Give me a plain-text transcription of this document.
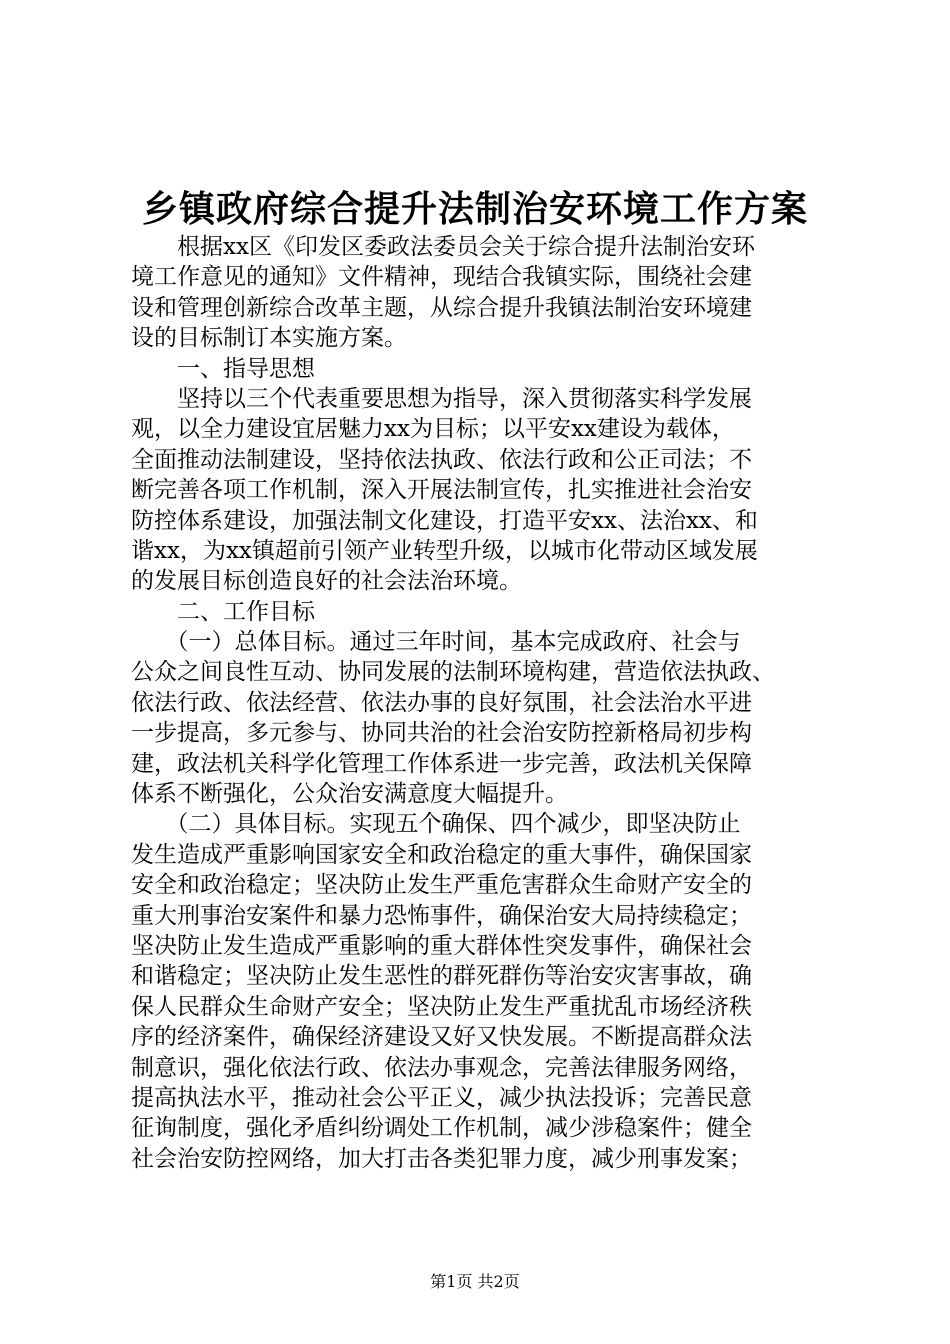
乡镇政府综合提升法制治安环境工作方案
　　根据xx区《印发区委政法委员会关于综合提升法制治安环
境工作意见的通知》文件精神，现结合我镇实际，围绕社会建
设和管理创新综合改革主题，从综合提升我镇法制治安环境建
设的目标制订本实施方案。
　　一、指导思想
　　坚持以三个代表重要思想为指导，深入贯彻落实科学发展
观，以全力建设宜居魅力xx为目标；以平安xx建设为载体，
全面推动法制建设，坚持依法执政、依法行政和公正司法；不
断完善各项工作机制，深入开展法制宣传，扎实推进社会治安
防控体系建设，加强法制文化建设，打造平安xx、法治xx、和
谐xx，为xx镇超前引领产业转型升级，以城市化带动区域发展
的发展目标创造良好的社会法治环境。
　　二、工作目标
　　（一）总体目标。通过三年时间，基本完成政府、社会与
公众之间良性互动、协同发展的法制环境构建，营造依法执政、
依法行政、依法经营、依法办事的良好氛围，社会法治水平进
一步提高，多元参与、协同共治的社会治安防控新格局初步构
建，政法机关科学化管理工作体系进一步完善，政法机关保障
体系不断强化，公众治安满意度大幅提升。
　　（二）具体目标。实现五个确保、四个减少，即坚决防止
发生造成严重影响国家安全和政治稳定的重大事件，确保国家
安全和政治稳定；坚决防止发生严重危害群众生命财产安全的
重大刑事治安案件和暴力恐怖事件，确保治安大局持续稳定；
坚决防止发生造成严重影响的重大群体性突发事件，确保社会
和谐稳定；坚决防止发生恶性的群死群伤等治安灾害事故，确
保人民群众生命财产安全；坚决防止发生严重扰乱市场经济秩
序的经济案件，确保经济建设又好又快发展。不断提高群众法
制意识，强化依法行政、依法办事观念，完善法律服务网络，
提高执法水平，推动社会公平正义，减少执法投诉；完善民意
征询制度，强化矛盾纠纷调处工作机制，减少涉稳案件；健全
社会治安防控网络，加大打击各类犯罪力度，减少刑事发案；
第1页 共2页
